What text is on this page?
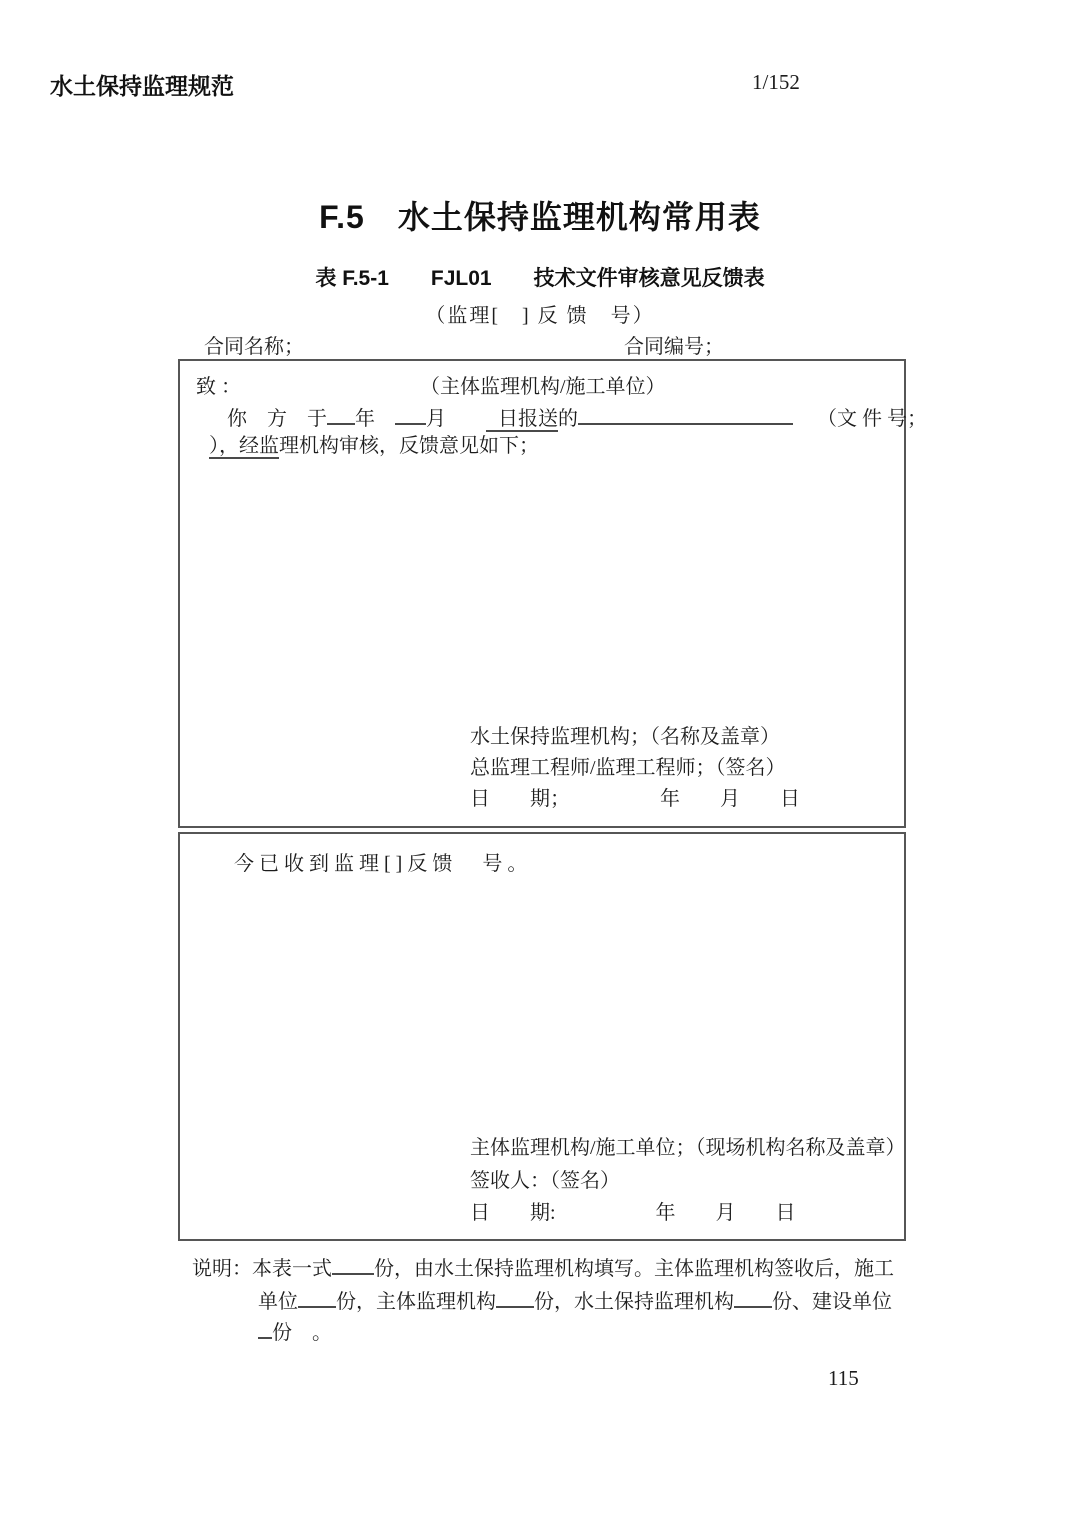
水土保持监理规范	1/152
F.5　水土保持监理机构常用表
表 F.5-1　　FJL01　　技术文件审核意见反馈表
（监理[　] 反 馈　号）
合同名称；	合同编号；
致 ：	（主体监理机构/施工单位）
你　方　于 年	月	日报送的	（文 件 号；
），经监理机构审核，反馈意见如下；
水土保持监理机构；（名称及盖章）
总监理工程师/监理工程师；（签名）
日　　期；　　　　　年　　月　　日
今已收到监理[]反馈　号。
主体监理机构/施工单位；（现场机构名称及盖章）
签收人：（签名）
日　　期:　　　　　年　　月　　日
说明：本表一式 份，由水土保持监理机构填写。主体监理机构签收后，施工
单位 份，主体监理机构 份，水土保持监理机构 份、建设单位
份　。
115
